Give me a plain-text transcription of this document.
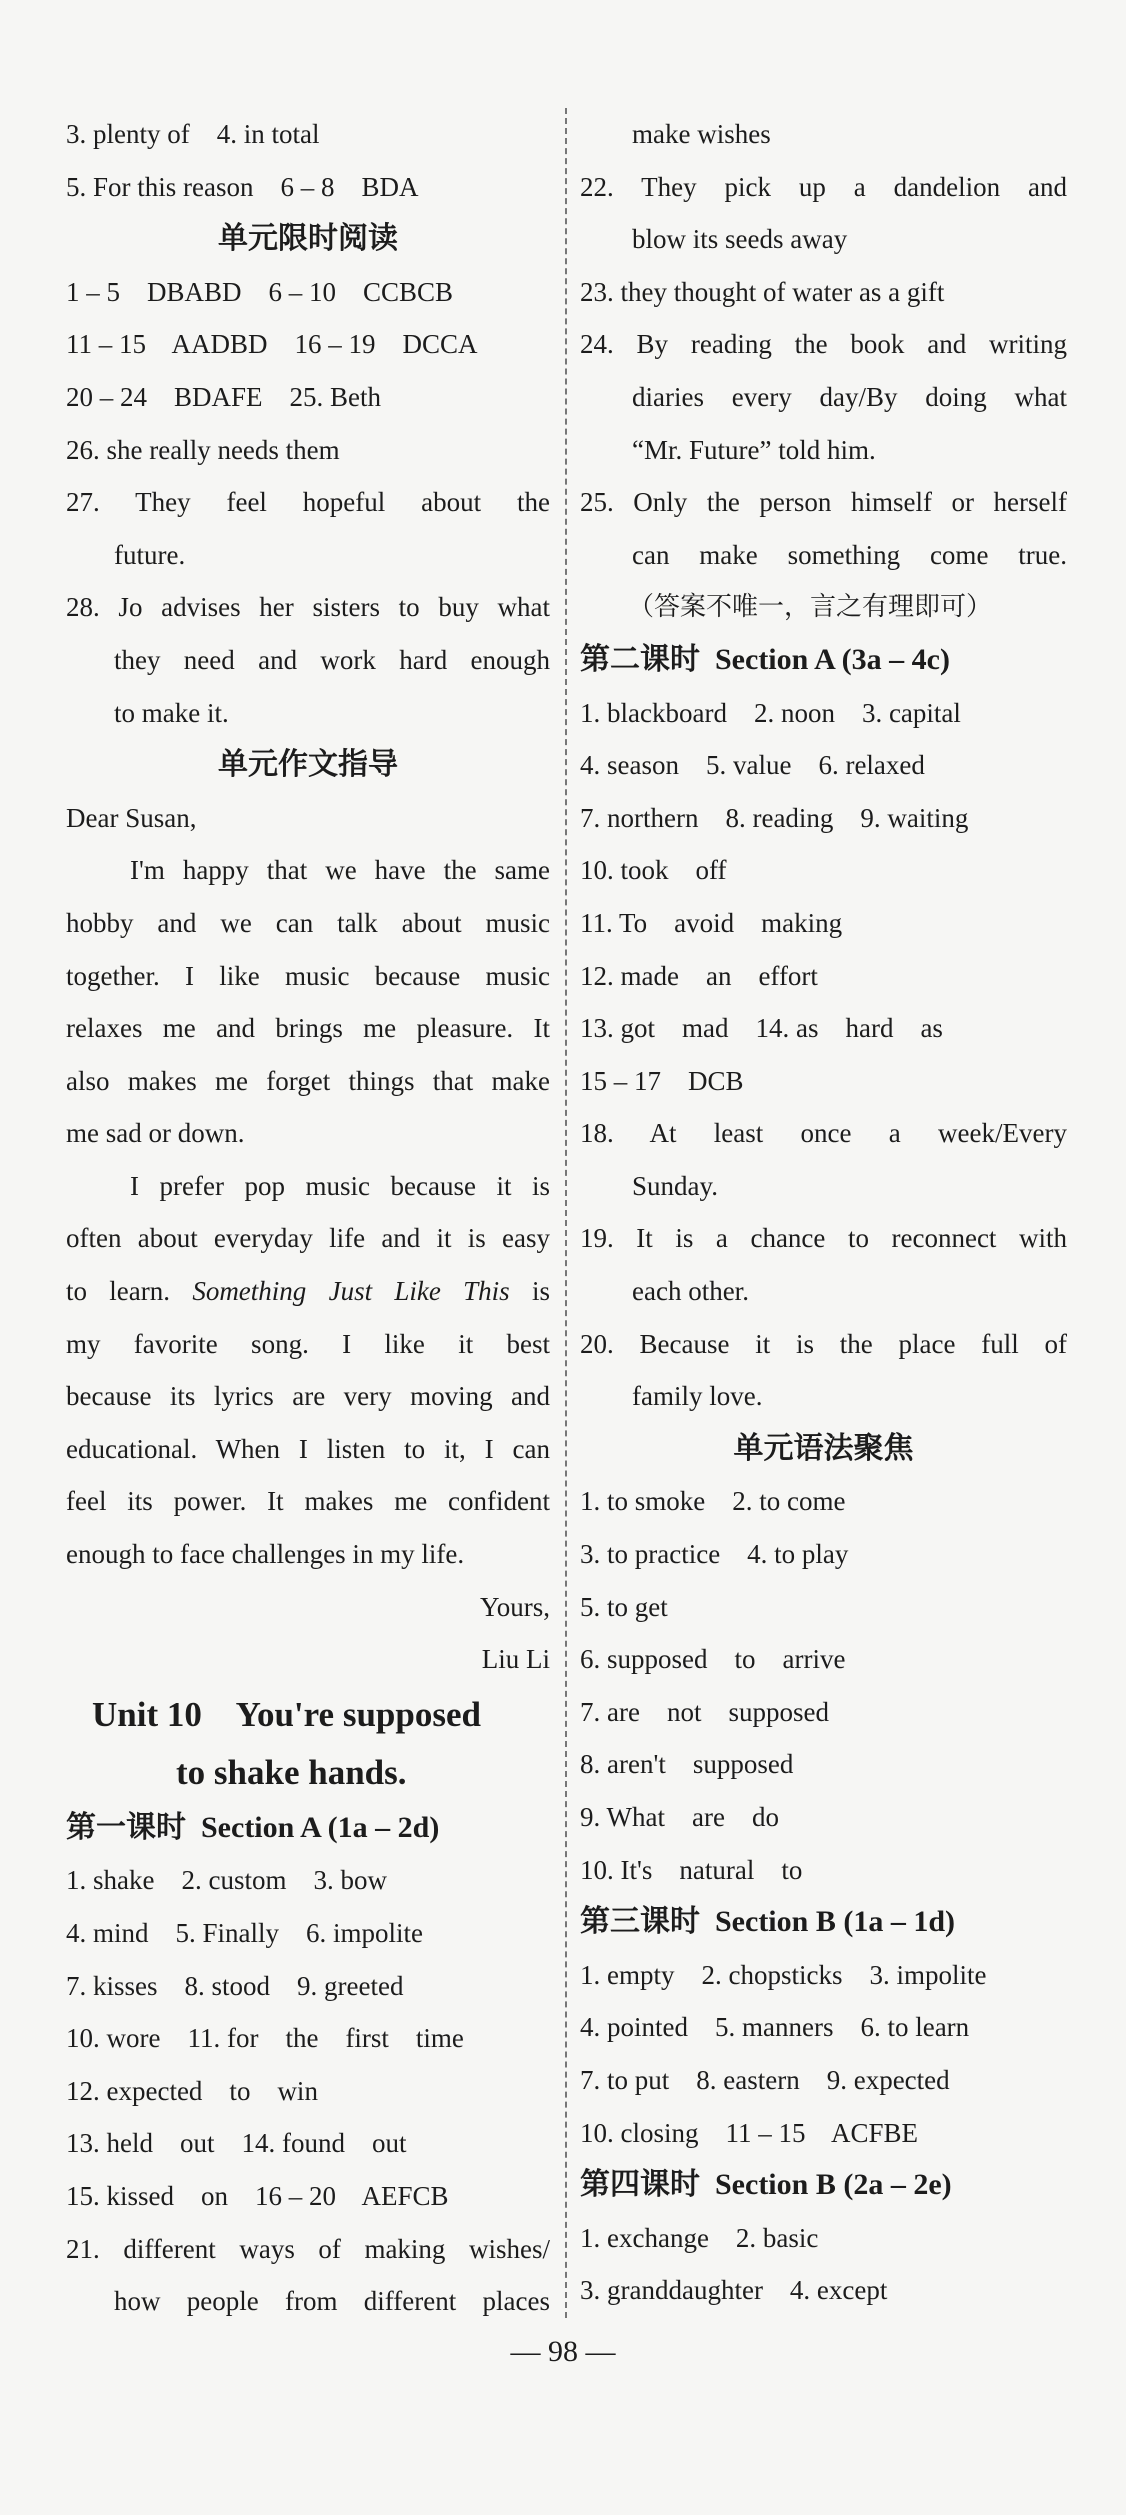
3. plenty of    4. in total
5. For this reason    6 – 8    BDA
单元限时阅读
1 – 5    DBABD    6 – 10    CCBCB
11 – 15    AADBD    16 – 19    DCCA
20 – 24    BDAFE    25. Beth
26. she really needs them
27. They feel hopeful about the
future.
28. Jo advises her sisters to buy what
they need and work hard enough
to make it.
单元作文指导
Dear Susan,
I'm happy that we have the same
hobby and we can talk about music
together. I like music because music
relaxes me and brings me pleasure. It
also makes me forget things that make
me sad or down.
I prefer pop music because it is
often about everyday life and it is easy
to learn. Something Just Like This is
my favorite song. I like it best
because its lyrics are very moving and
educational. When I listen to it, I can
feel its power. It makes me confident
enough to face challenges in my life.
Yours,
Liu Li
Unit 10    You're supposed
to shake hands.
第一课时 Section A (1a – 2d)
1. shake    2. custom    3. bow
4. mind    5. Finally    6. impolite
7. kisses    8. stood    9. greeted
10. wore    11. for    the    first    time
12. expected    to    win
13. held    out    14. found    out
15. kissed    on    16 – 20    AEFCB
21. different ways of making wishes/
how people from different places
make wishes
22. They pick up a dandelion and
blow its seeds away
23. they thought of water as a gift
24. By reading the book and writing
diaries every day/By doing what
“Mr. Future” told him.
25. Only the person himself or herself
can make something come true.
（答案不唯一，言之有理即可）
第二课时 Section A (3a – 4c)
1. blackboard    2. noon    3. capital
4. season    5. value    6. relaxed
7. northern    8. reading    9. waiting
10. took    off
11. To    avoid    making
12. made    an    effort
13. got    mad    14. as    hard    as
15 – 17    DCB
18. At least once a week/Every
Sunday.
19. It is a chance to reconnect with
each other.
20. Because it is the place full of
family love.
单元语法聚焦
1. to smoke    2. to come
3. to practice    4. to play
5. to get
6. supposed    to    arrive
7. are    not    supposed
8. aren't    supposed
9. What    are    do
10. It's    natural    to
第三课时 Section B (1a – 1d)
1. empty    2. chopsticks    3. impolite
4. pointed    5. manners    6. to learn
7. to put    8. eastern    9. expected
10. closing    11 – 15    ACFBE
第四课时 Section B (2a – 2e)
1. exchange    2. basic
3. granddaughter    4. except
— 98 —
